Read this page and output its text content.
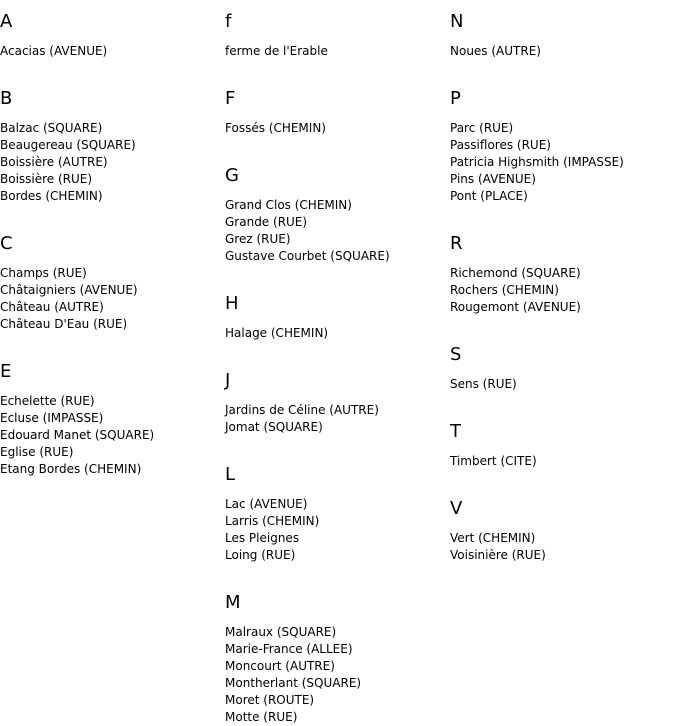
A
Acacias (AVENUE)
B
Balzac (SQUARE)
Beaugereau (SQUARE)
Boissière (AUTRE)
Boissière (RUE)
Bordes (CHEMIN)
C
Champs (RUE)
Châtaigniers (AVENUE)
Château (AUTRE)
Château D'Eau (RUE)
E
Echelette (RUE)
Ecluse (IMPASSE)
Edouard Manet (SQUARE)
Eglise (RUE)
Etang Bordes (CHEMIN)
f
ferme de l'Erable
F
Fossés (CHEMIN)
G
Grand Clos (CHEMIN)
Grande (RUE)
Grez (RUE)
Gustave Courbet (SQUARE)
H
Halage (CHEMIN)
J
Jardins de Céline (AUTRE)
Jomat (SQUARE)
L
Lac (AVENUE)
Larris (CHEMIN)
Les Pleignes
Loing (RUE)
M
Malraux (SQUARE)
Marie-France (ALLEE)
Moncourt (AUTRE)
Montherlant (SQUARE)
Moret (ROUTE)
Motte (RUE)
N
Noues (AUTRE)
P
Parc (RUE)
Passiflores (RUE)
Patricia Highsmith (IMPASSE)
Pins (AVENUE)
Pont (PLACE)
R
Richemond (SQUARE)
Rochers (CHEMIN)
Rougemont (AVENUE)
S
Sens (RUE)
T
Timbert (CITE)
V
Vert (CHEMIN)
Voisinière (RUE)
